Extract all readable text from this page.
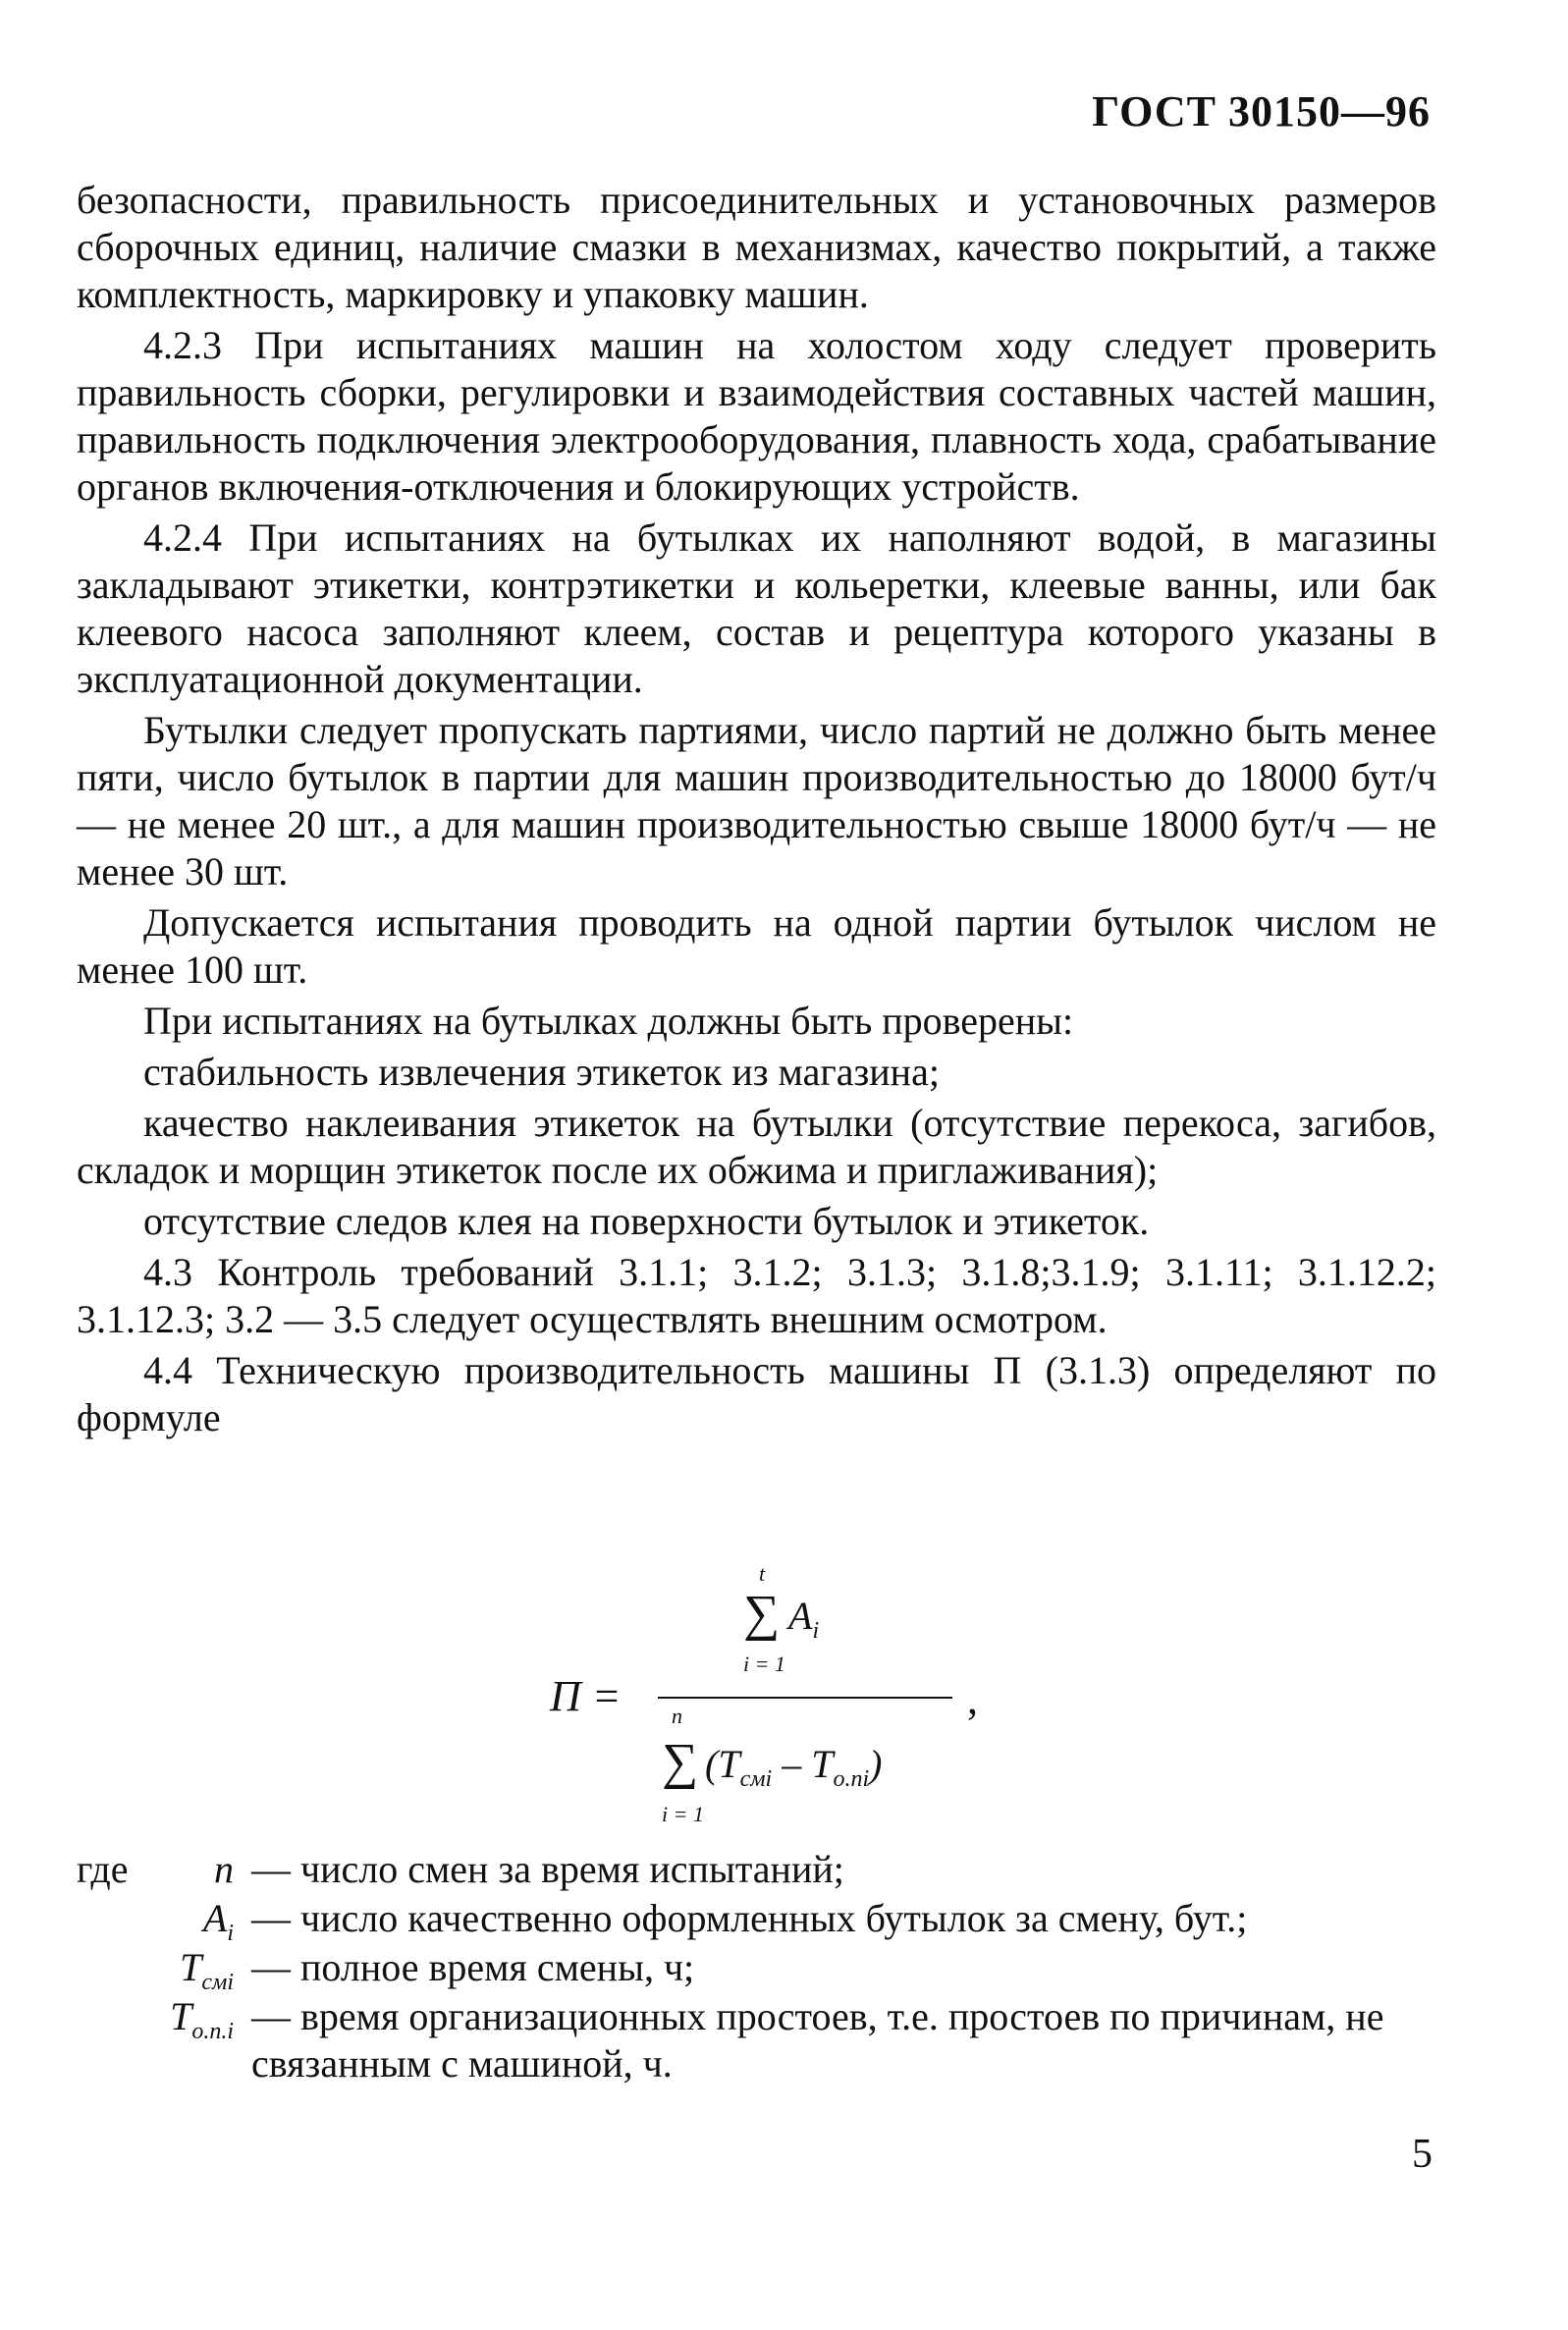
ГОСТ 30150—96

безопасности, правильность присоединительных и установочных размеров сборочных единиц, наличие смазки в механизмах, качество покрытий, а также комплектность, маркировку и упаковку машин.

4.2.3 При испытаниях машин на холостом ходу следует проверить правильность сборки, регулировки и взаимодействия составных частей машин, правильность подключения электрооборудования, плавность хода, срабатывание органов включения-отключения и блокирующих устройств.

4.2.4 При испытаниях на бутылках их наполняют водой, в магазины закладывают этикетки, контрэтикетки и кольеретки, клеевые ванны, или бак клеевого насоса заполняют клеем, состав и рецептура которого указаны в эксплуатационной документации.

Бутылки следует пропускать партиями, число партий не должно быть менее пяти, число бутылок в партии для машин производительностью до 18000 бут/ч — не менее 20 шт., а для машин производительностью свыше 18000 бут/ч — не менее 30 шт.

Допускается испытания проводить на одной партии бутылок числом не менее 100 шт.

При испытаниях на бутылках должны быть проверены:

стабильность извлечения этикеток из магазина;

качество наклеивания этикеток на бутылки (отсутствие перекоса, загибов, складок и морщин этикеток после их обжима и приглаживания);

отсутствие следов клея на поверхности бутылок и этикеток.

4.3 Контроль требований 3.1.1; 3.1.2; 3.1.3; 3.1.8;3.1.9; 3.1.11; 3.1.12.2; 3.1.12.3; 3.2 — 3.5 следует осуществлять внешним осмотром.

4.4 Техническую производительность машины П (3.1.3) определяют по формуле

П =
t
∑ $A_i$
i = 1
,
n
∑ $(T_{смi} - T_{о.пi})$
i = 1
где	n — число смен за время испытаний;
$A_i$ — число качественно оформленных бутылок за смену, бут.;
$T_{смi}$ — полное время смены, ч;
$T_{о.п.i}$ — время организационных простоев, т.е. простоев по причинам, не связанным с машиной, ч.
5
